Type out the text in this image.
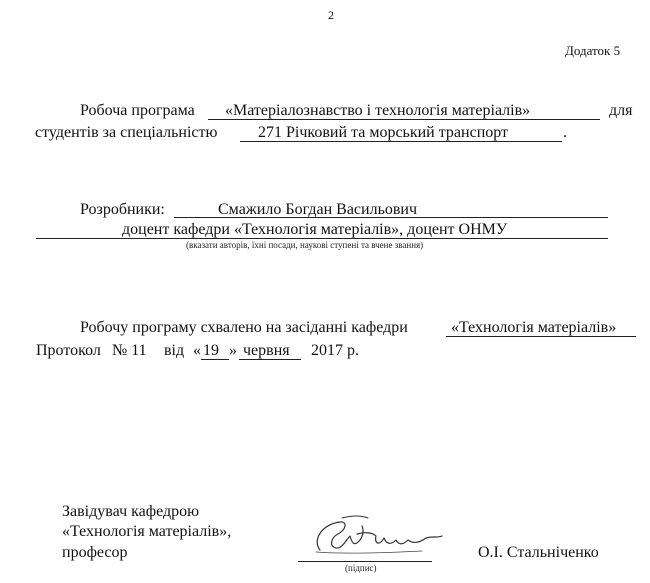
2
Додаток 5
Робоча програма «Матеріалознавство і технологія матеріалів»	для
студентів за спеціальністю	271 Річковий та морський транспорт	.
Розробники:	Смажило Богдан Васильович
доцент кафедри «Технологія матеріалів», доцент ОНМУ
(вказати авторів, їхні посади, наукові ступені та вчене звання)
Робочу програму схвалено на засіданні кафедри	«Технологія матеріалів»
Протокол № 11 від « 19 » червня 2017 р.
Завідувач кафедрою
«Технологія матеріалів»,
професор
(підпис)
О.І. Стальніченко
